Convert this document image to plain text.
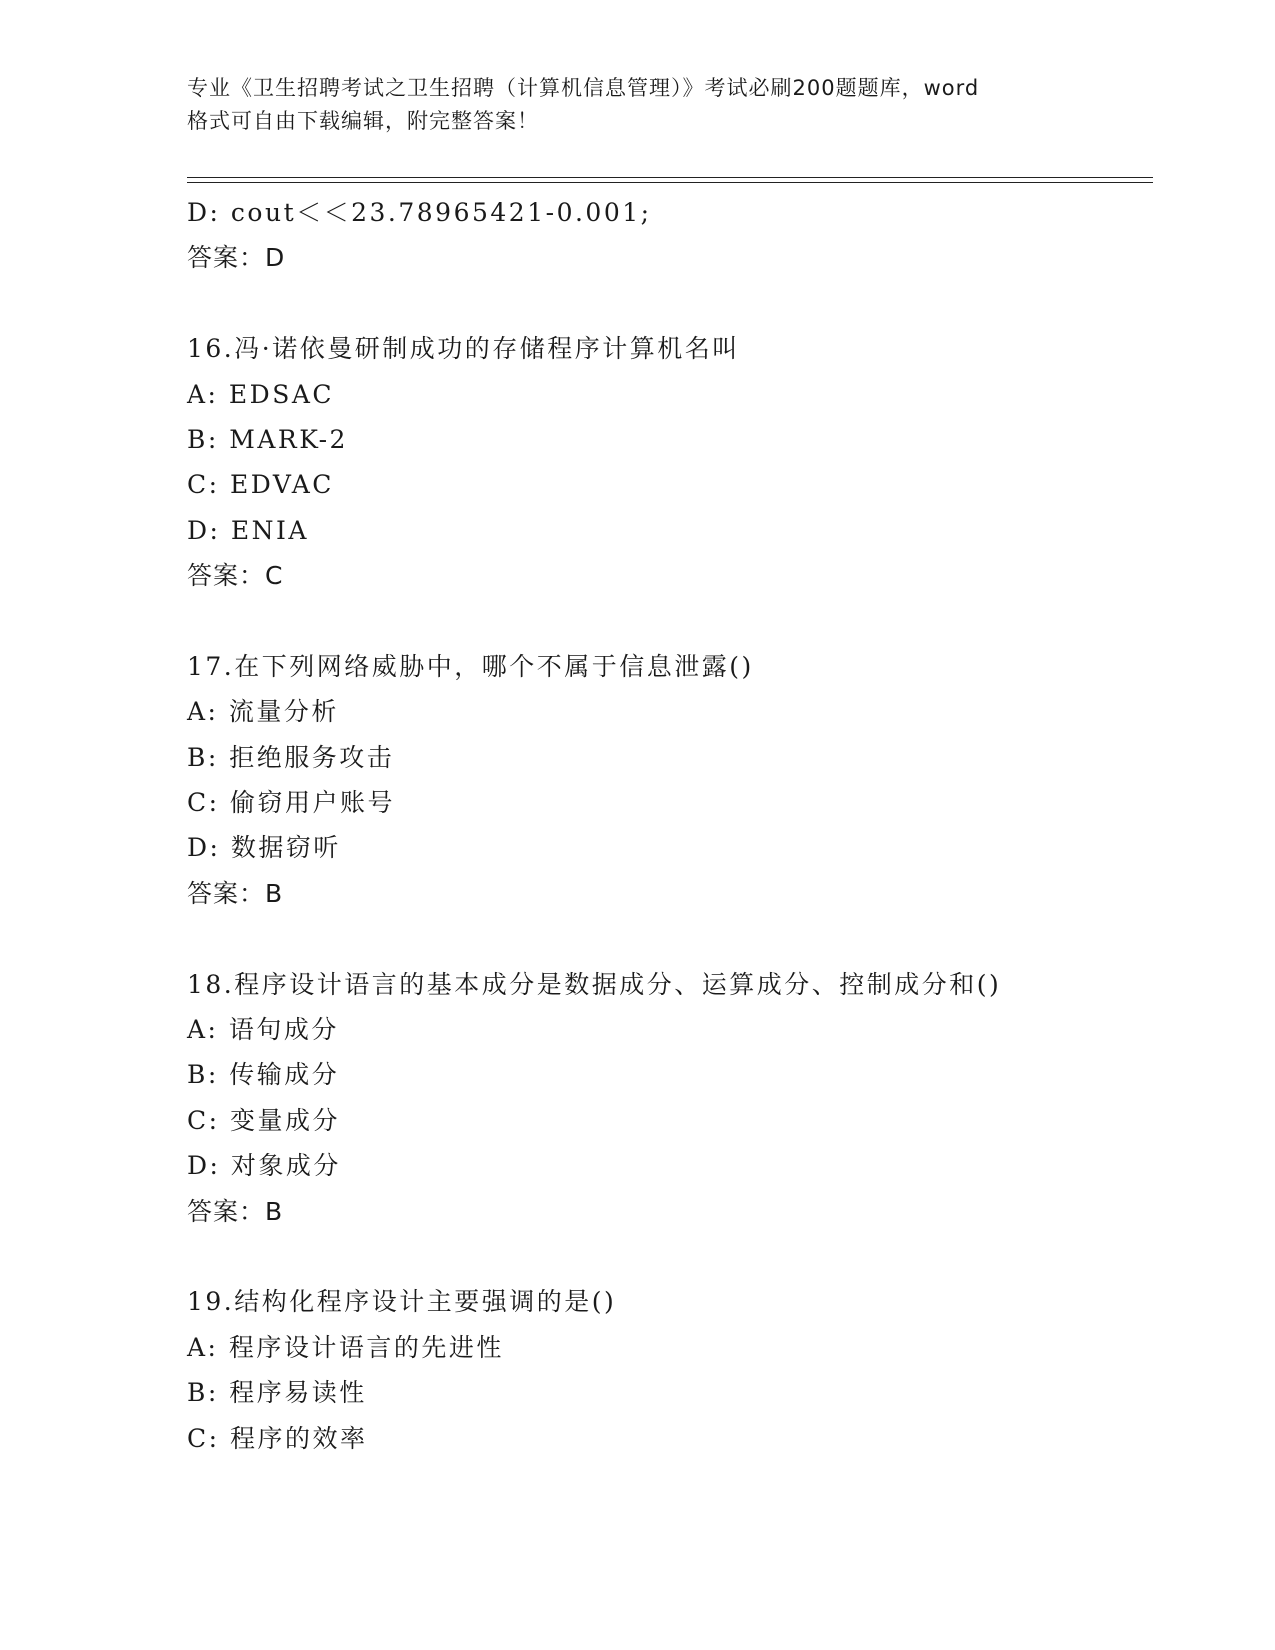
专业《卫生招聘考试之卫生招聘（计算机信息管理）》考试必刷200题题库，word
格式可自由下载编辑，附完整答案！
D: cout＜＜23.78965421-0.001;
答案：D
16.冯·诺依曼研制成功的存储程序计算机名叫
A: EDSAC
B: MARK-2
C: EDVAC
D: ENIA
答案：C
17.在下列网络威胁中，哪个不属于信息泄露()
A: 流量分析
B: 拒绝服务攻击
C: 偷窃用户账号
D: 数据窃听
答案：B
18.程序设计语言的基本成分是数据成分、运算成分、控制成分和()
A: 语句成分
B: 传输成分
C: 变量成分
D: 对象成分
答案：B
19.结构化程序设计主要强调的是()
A: 程序设计语言的先进性
B: 程序易读性
C: 程序的效率
